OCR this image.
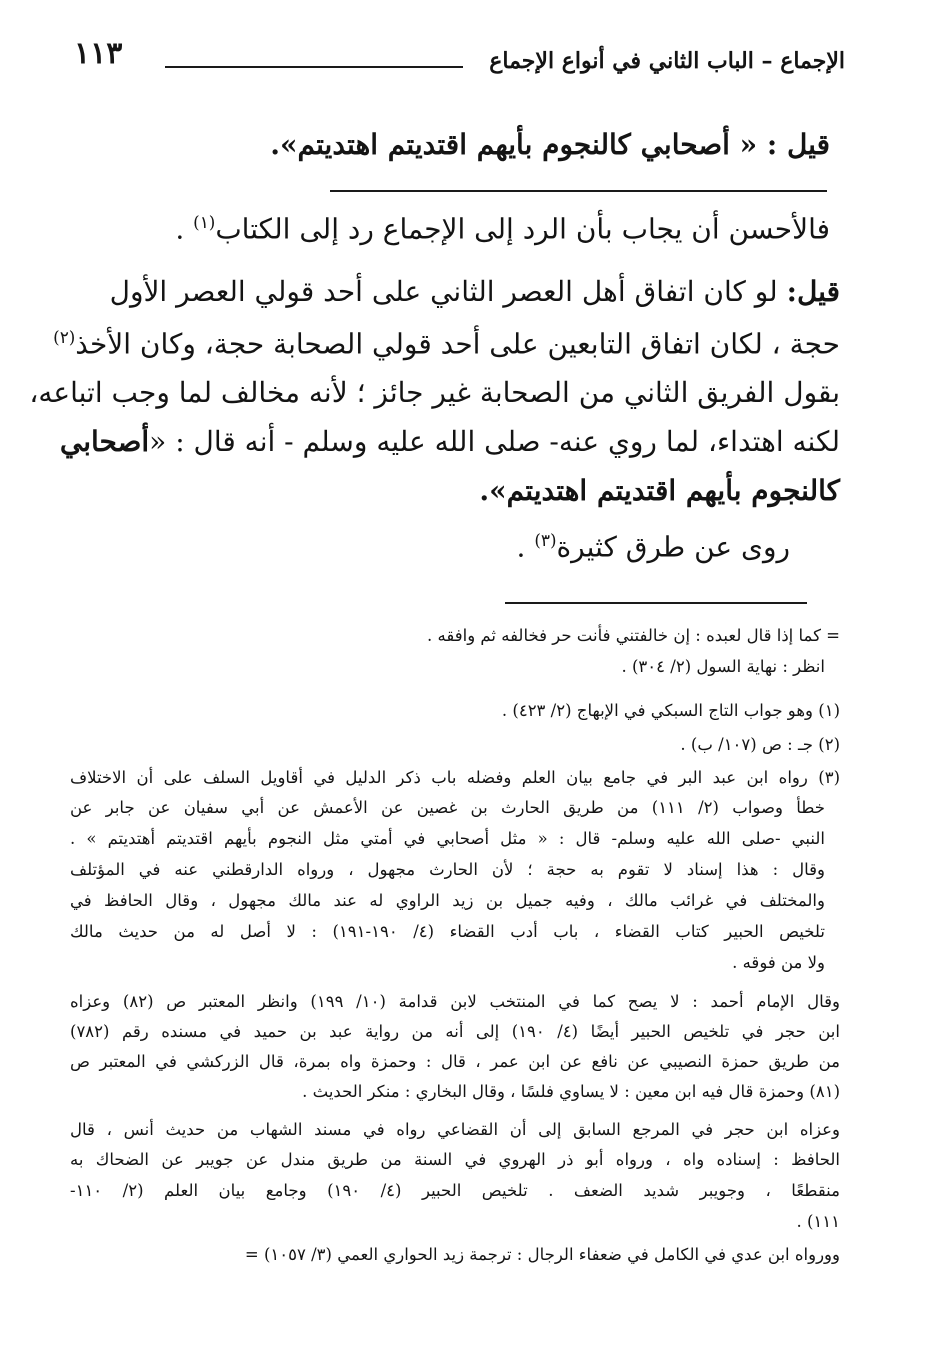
١١٣	الإجماع – الباب الثاني في أنواع الإجماع
قيل : « أصحابي كالنجوم بأيهم اقتديتم اهتديتم».
فالأحسن أن يجاب بأن الرد إلى الإجماع رد إلى الكتاب$^{(١)}$ .
قيل: لو كان اتفاق أهل العصر الثاني على أحد قولي العصر الأول
حجة ، لكان اتفاق التابعين على أحد قولي الصحابة حجة، وكان الأخذ$^{(٢)}$
بقول الفريق الثاني من الصحابة غير جائز ؛ لأنه مخالف لما وجب اتباعه،
لكنه اهتداء، لما روي عنه- صلى الله عليه وسلم - أنه قال : «أصحابي
كالنجوم بأيهم اقتديتم اهتديتم».
روى عن طرق كثيرة$^{(٣)}$ .
= كما إذا قال لعبده : إن خالفتني فأنت حر فخالفه ثم وافقه .
انظر : نهاية السول (٢/ ٣٠٤) .
(١) وهو جواب التاج السبكي في الإبهاج (٢/ ٤٢٣) .
(٢) جـ : ص (١٠٧/ ب) .
(٣) رواه ابن عبد البر في جامع بيان العلم وفضله باب ذكر الدليل في أقاويل السلف على أن الاختلاف
خطأ وصواب (٢/ ١١١) من طريق الحارث بن غصين عن الأعمش عن أبي سفيان عن جابر عن
النبي -صلى الله عليه وسلم- قال : « مثل أصحابي في أمتي مثل النجوم بأيهم اقتديتم أهتديتم » .
وقال : هذا إسناد لا تقوم به حجة ؛ لأن الحارث مجهول ، ورواه الدارقطني عنه في المؤتلف
والمختلف في غرائب مالك ، وفيه جميل بن زيد الراوي له عند مالك مجهول ، وقال الحافظ في
تلخيص الحبير كتاب القضاء ، باب أدب القضاء (٤/ ١٩٠-١٩١) : لا أصل له من حديث مالك
ولا من فوقه .
وقال الإمام أحمد : لا يصح كما في المنتخب لابن قدامة (١٠/ ١٩٩) وانظر المعتبر ص (٨٢) وعزاه
ابن حجر في تلخيص الحبير أيضًا (٤/ ١٩٠) إلى أنه من رواية عبد بن حميد في مسنده رقم (٧٨٢)
من طريق حمزة النصيبي عن نافع عن ابن عمر ، قال : وحمزة واه بمرة، قال الزركشي في المعتبر ص
(٨١) وحمزة قال فيه ابن معين : لا يساوي فلسًا ، وقال البخاري : منكر الحديث .
وعزاه ابن حجر في المرجع السابق إلى أن القضاعي رواه في مسند الشهاب من حديث أنس ، قال
الحافظ : إسناده واه ، ورواه أبو ذر الهروي في السنة من طريق مندل عن جويبر عن الضحاك به
منقطعًا ، وجويبر شديد الضعف . تلخيص الحبير (٤/ ١٩٠) وجامع بيان العلم (٢/ ١١٠-
١١١) .
وورواه ابن عدي في الكامل في ضعفاء الرجال : ترجمة زيد الحواري العمي (٣/ ١٠٥٧) =
